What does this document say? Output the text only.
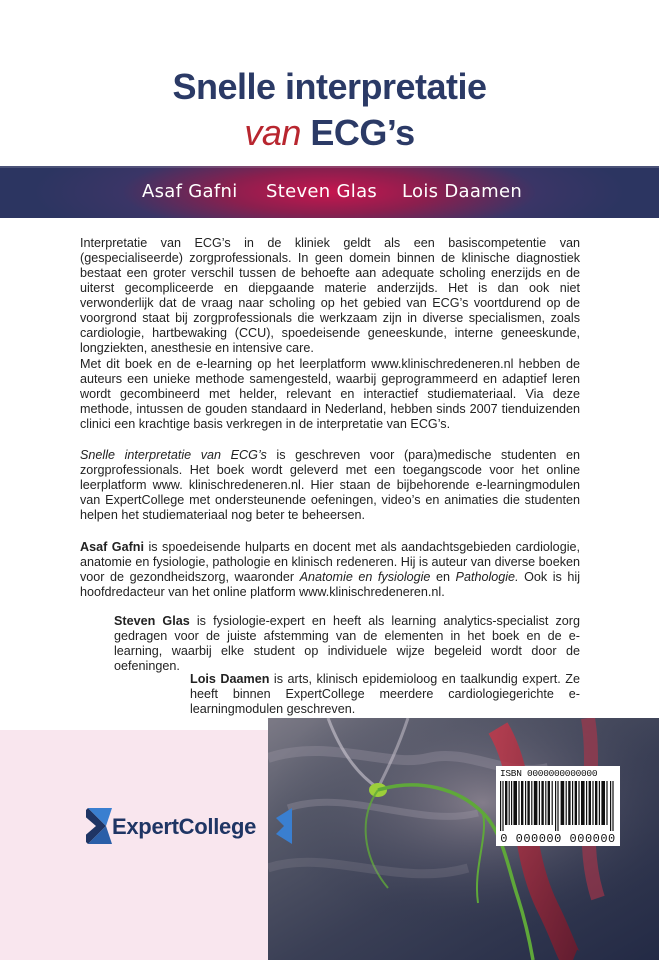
Snelle interpretatie
van ECG’s
Asaf Gafni Steven Glas Lois Daamen

Interpretatie van ECG’s in de kliniek geldt als een basiscompetentie van (gespecialiseerde) zorgprofessionals. In geen domein binnen de klinische diagnostiek bestaat een groter verschil tussen de behoefte aan adequate scholing enerzijds en de uiterst gecompliceerde en diepgaande materie anderzijds. Het is dan ook niet verwonderlijk dat de vraag naar scholing op het gebied van ECG’s voortdurend op de voorgrond staat bij zorgprofessionals die werkzaam zijn in diverse specialismen, zoals cardiologie, hartbewaking (CCU), spoedeisende geneeskunde, interne geneeskunde, longziekten, anesthesie en intensive care.

Met dit boek en de e-learning op het leerplatform www.klinischredeneren.nl hebben de auteurs een unieke methode samengesteld, waarbij geprogrammeerd en adaptief leren wordt gecombineerd met helder, relevant en interactief studiemateriaal. Via deze methode, intussen de gouden standaard in Nederland, hebben sinds 2007 tienduizenden clinici een krachtige basis verkregen in de interpretatie van ECG’s.

Snelle interpretatie van ECG’s is geschreven voor (para)medische studenten en zorgprofessionals. Het boek wordt geleverd met een toegangscode voor het online leerplatform www. klinischredeneren.nl. Hier staan de bijbehorende e-learningmodulen van ExpertCollege met ondersteunende oefeningen, video’s en animaties die studenten helpen het studiemateriaal nog beter te beheersen.

Asaf Gafni is spoedeisende hulparts en docent met als aandachtsgebieden cardiologie, anatomie en fysiologie, pathologie en klinisch redeneren. Hij is auteur van diverse boeken voor de gezondheidszorg, waaronder Anatomie en fysiologie en Pathologie. Ook is hij hoofdredacteur van het online platform www.klinischredeneren.nl.

Steven Glas is fysiologie-expert en heeft als learning analytics-specialist zorg gedragen voor de juiste afstemming van de elementen in het boek en de e-learning, waarbij elke student op individuele wijze begeleid wordt door de oefeningen.

Lois Daamen is arts, klinisch epidemioloog en taalkundig expert. Ze heeft binnen ExpertCollege meerdere cardiologiegerichte e-learningmodulen geschreven.

ISBN 0000000000000
0 000000 000000
ExpertCollege
